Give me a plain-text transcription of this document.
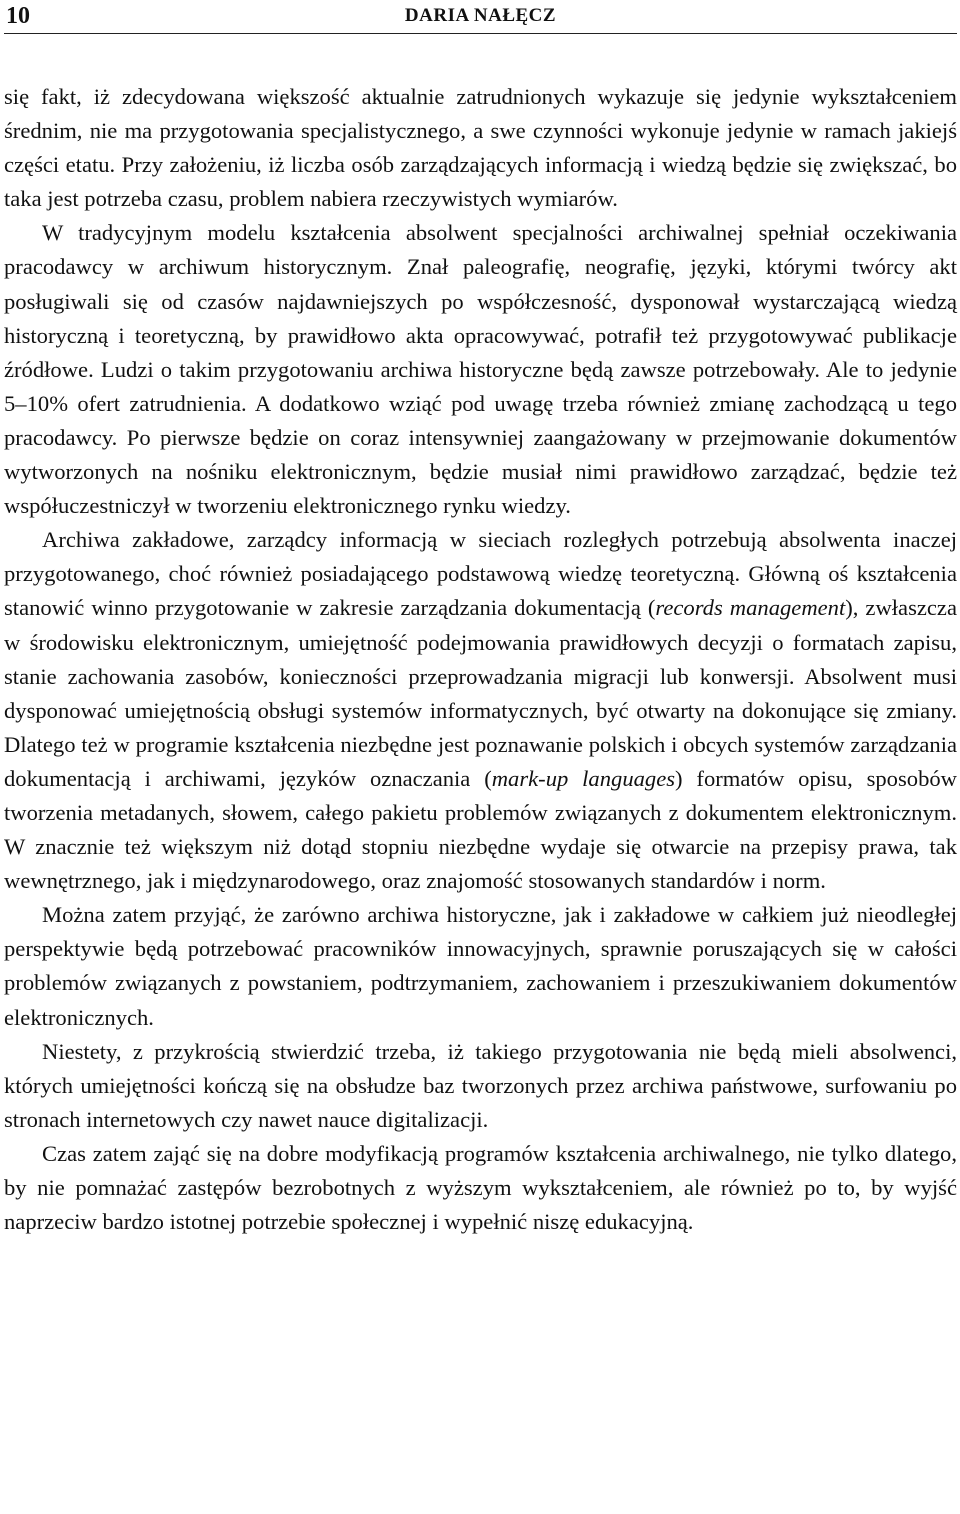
10	DARIA NAŁĘCZ

się fakt, iż zdecydowana większość aktualnie zatrudnionych wykazuje się jedynie wykształceniem średnim, nie ma przygotowania specjalistycznego, a swe czynności wykonuje jedynie w ramach jakiejś części etatu. Przy założeniu, iż liczba osób zarządzających informacją i wiedzą będzie się zwiększać, bo taka jest potrzeba czasu, problem nabiera rzeczywistych wymiarów.

W tradycyjnym modelu kształcenia absolwent specjalności archiwalnej spełniał oczekiwania pracodawcy w archiwum historycznym. Znał paleografię, neografię, języki, którymi twórcy akt posługiwali się od czasów najdawniejszych po współczesność, dysponował wystarczającą wiedzą historyczną i teoretyczną, by prawidłowo akta opracowywać, potrafił też przygotowywać publikacje źródłowe. Ludzi o takim przygotowaniu archiwa historyczne będą zawsze potrzebowały. Ale to jedynie 5–10% ofert zatrudnienia. A dodatkowo wziąć pod uwagę trzeba również zmianę zachodzącą u tego pracodawcy. Po pierwsze będzie on coraz intensywniej zaangażowany w przejmowanie dokumentów wytworzonych na nośniku elektronicznym, będzie musiał nimi prawidłowo zarządzać, będzie też współuczestniczył w tworzeniu elektronicznego rynku wiedzy.

Archiwa zakładowe, zarządcy informacją w sieciach rozległych potrzebują absolwenta inaczej przygotowanego, choć również posiadającego podstawową wiedzę teoretyczną. Główną oś kształcenia stanowić winno przygotowanie w zakresie zarządzania dokumentacją (records management), zwłaszcza w środowisku elektronicznym, umiejętność podejmowania prawidłowych decyzji o formatach zapisu, stanie zachowania zasobów, konieczności przeprowadzania migracji lub konwersji. Absolwent musi dysponować umiejętnością obsługi systemów informatycznych, być otwarty na dokonujące się zmiany. Dlatego też w programie kształcenia niezbędne jest poznawanie polskich i obcych systemów zarządzania dokumentacją i archiwami, języków oznaczania (mark-up languages) formatów opisu, sposobów tworzenia metadanych, słowem, całego pakietu problemów związanych z dokumentem elektronicznym. W znacznie też większym niż dotąd stopniu niezbędne wydaje się otwarcie na przepisy prawa, tak wewnętrznego, jak i międzynarodowego, oraz znajomość stosowanych standardów i norm.

Można zatem przyjąć, że zarówno archiwa historyczne, jak i zakładowe w całkiem już nieodległej perspektywie będą potrzebować pracowników innowacyjnych, sprawnie poruszających się w całości problemów związanych z powstaniem, podtrzymaniem, zachowaniem i przeszukiwaniem dokumentów elektronicznych.

Niestety, z przykrością stwierdzić trzeba, iż takiego przygotowania nie będą mieli absolwenci, których umiejętności kończą się na obsłudze baz tworzonych przez archiwa państwowe, surfowaniu po stronach internetowych czy nawet nauce digitalizacji.

Czas zatem zająć się na dobre modyfikacją programów kształcenia archiwalnego, nie tylko dlatego, by nie pomnażać zastępów bezrobotnych z wyższym wykształceniem, ale również po to, by wyjść naprzeciw bardzo istotnej potrzebie społecznej i wypełnić niszę edukacyjną.
